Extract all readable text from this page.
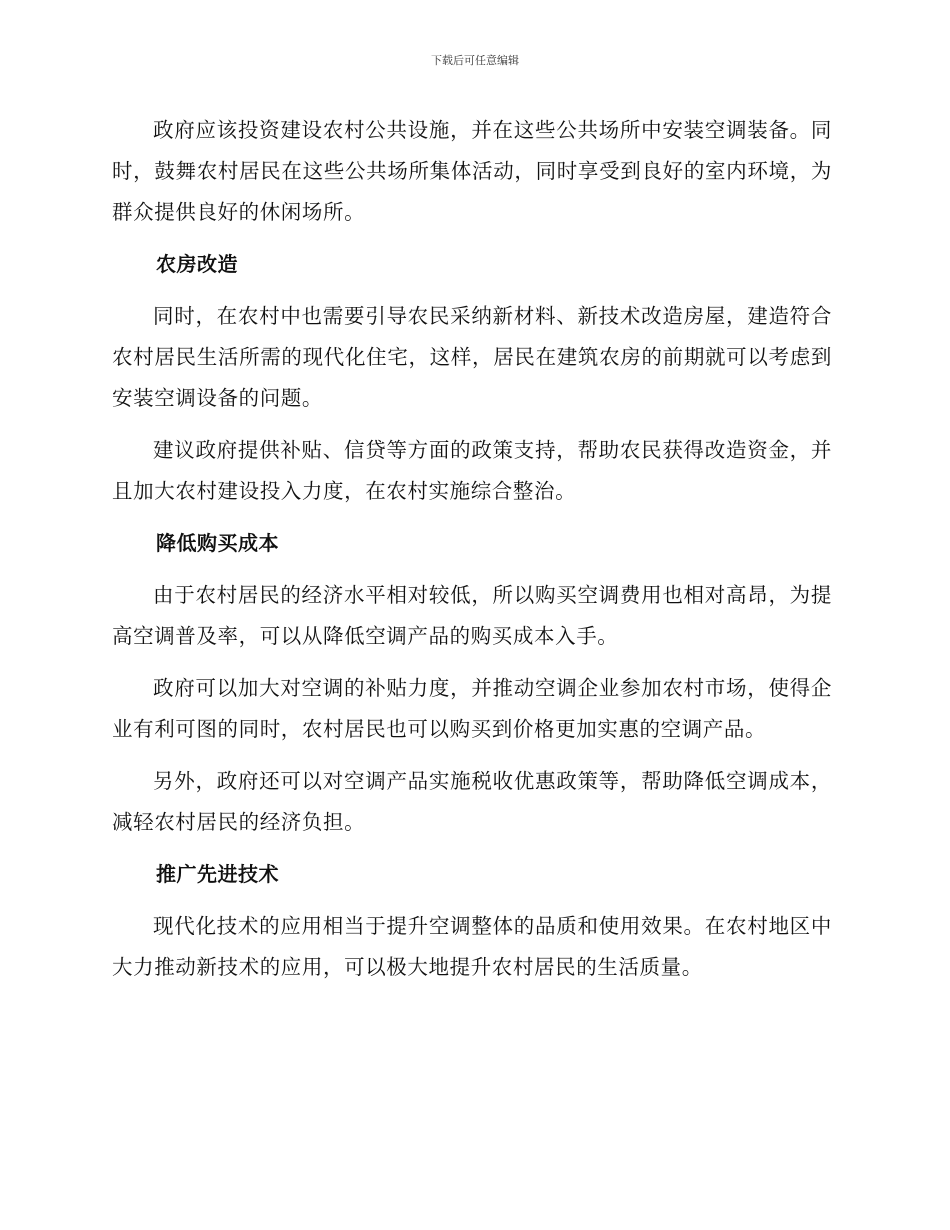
下载后可任意编辑

政府应该投资建设农村公共设施，并在这些公共场所中安装空调装备。同时，鼓舞农村居民在这些公共场所集体活动，同时享受到良好的室内环境，为群众提供良好的休闲场所。

农房改造

同时，在农村中也需要引导农民采纳新材料、新技术改造房屋，建造符合农村居民生活所需的现代化住宅，这样，居民在建筑农房的前期就可以考虑到安装空调设备的问题。

建议政府提供补贴、信贷等方面的政策支持，帮助农民获得改造资金，并且加大农村建设投入力度，在农村实施综合整治。

降低购买成本

由于农村居民的经济水平相对较低，所以购买空调费用也相对高昂，为提高空调普及率，可以从降低空调产品的购买成本入手。

政府可以加大对空调的补贴力度，并推动空调企业参加农村市场，使得企业有利可图的同时，农村居民也可以购买到价格更加实惠的空调产品。

另外，政府还可以对空调产品实施税收优惠政策等，帮助降低空调成本，减轻农村居民的经济负担。

推广先进技术

现代化技术的应用相当于提升空调整体的品质和使用效果。在农村地区中大力推动新技术的应用，可以极大地提升农村居民的生活质量。
